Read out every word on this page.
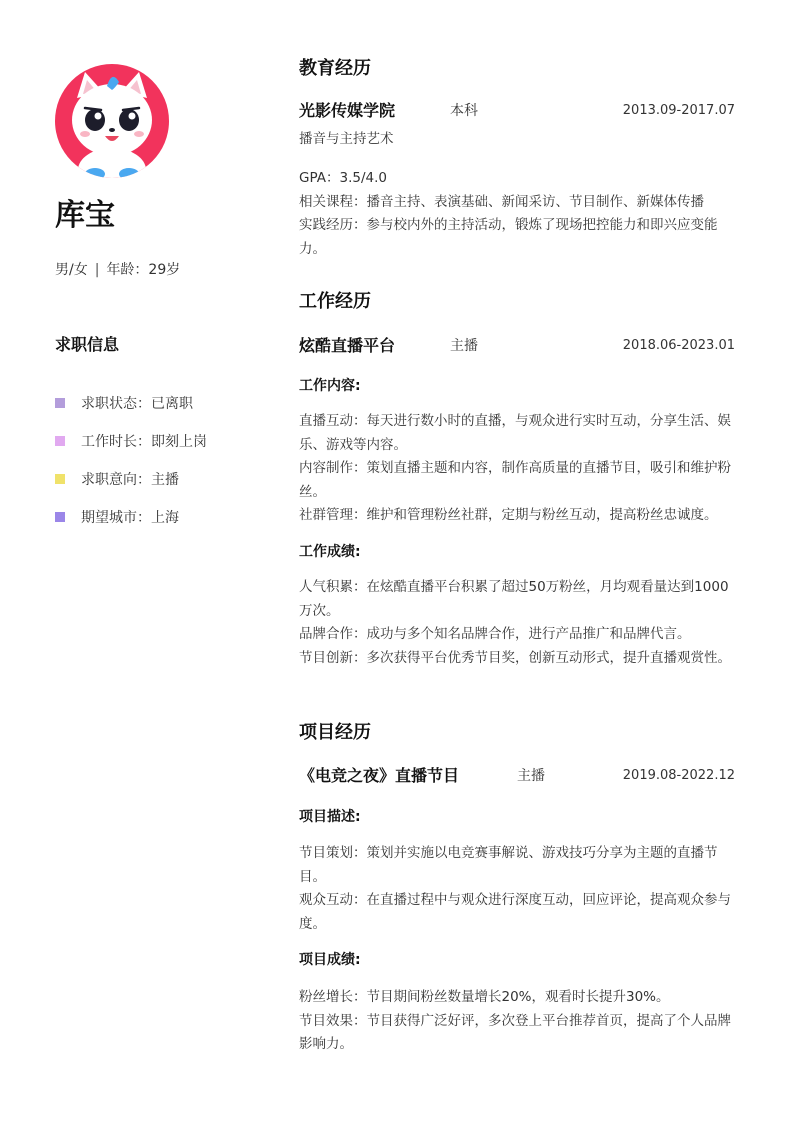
库宝
男/女 | 年龄：29岁
求职信息
求职状态：已离职
工作时长：即刻上岗
求职意向：主播
期望城市：上海
教育经历
光影传媒学院	本科	2013.09-2017.07

播音与主持艺术

GPA：3.5/4.0

相关课程：播音主持、表演基础、新闻采访、节目制作、新媒体传播

实践经历：参与校内外的主持活动，锻炼了现场把控能力和即兴应变能力。

工作经历
炫酷直播平台	主播	2018.06-2023.01
工作内容:

直播互动：每天进行数小时的直播，与观众进行实时互动，分享生活、娱乐、游戏等内容。

内容制作：策划直播主题和内容，制作高质量的直播节目，吸引和维护粉丝。

社群管理：维护和管理粉丝社群，定期与粉丝互动，提高粉丝忠诚度。

工作成绩:

人气积累：在炫酷直播平台积累了超过50万粉丝，月均观看量达到1000万次。

品牌合作：成功与多个知名品牌合作，进行产品推广和品牌代言。

节目创新：多次获得平台优秀节目奖，创新互动形式，提升直播观赏性。

项目经历
《电竞之夜》直播节目	主播	2019.08-2022.12
项目描述:

节目策划：策划并实施以电竞赛事解说、游戏技巧分享为主题的直播节目。

观众互动：在直播过程中与观众进行深度互动，回应评论，提高观众参与度。

项目成绩:

粉丝增长：节目期间粉丝数量增长20%，观看时长提升30%。

节目效果：节目获得广泛好评，多次登上平台推荐首页，提高了个人品牌影响力。
